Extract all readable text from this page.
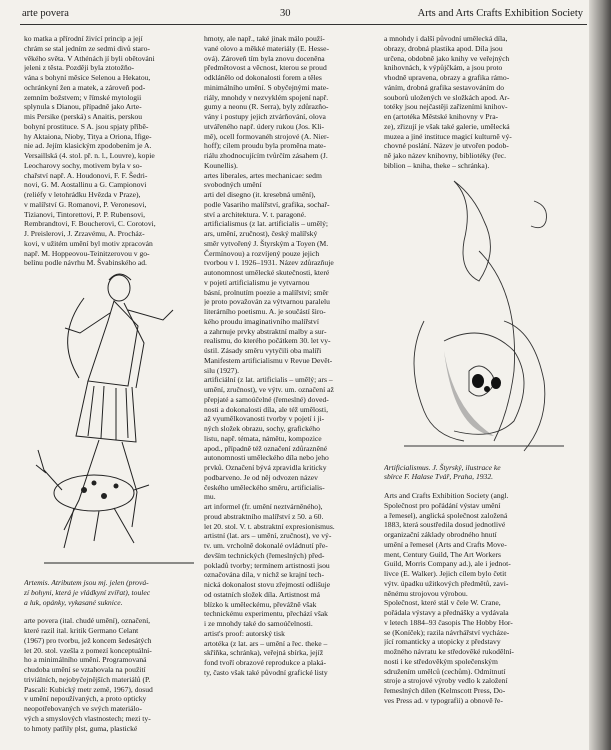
arte povera	30	Arts and Arts Crafts Exhibition Society
ko matka a přírodní živící princip a její
chrám se stal jedním ze sedmi divů staro-
věkého světa. V Athénách jí byli obětováni
jeleni z těsta. Později byla ztotožňo-
vána s bohyní měsíce Selenou a Hekatou,
ochránkyní žen a matek, a zároveň pod-
zemním božstvem; v římské mytologii
splynula s Dianou, případně jako Arte-
mis Persike (perská) s Anaitis, perskou
bohyní prostituce. S A. jsou spjaty příbě-
hy Aktaiona, Nioby, Titya a Oriona, Ifige-
nie ad. Jejím klasickým zpodobením je A.
Versaillská (4. stol. př. n. l., Louvre), kopie
Leocharovy sochy, motivem byla v so-
chařství např. A. Houdonovi, F. F. Šedri-
novi, G. M. Aostallinu a G. Campionovi
(reliéfy v letohrádku Hvězda v Praze),
v malířství G. Romanovi, P. Veronesovi,
Tizianovi, Tintorettovi, P. P. Rubensovi,
Rembrandtovi, F. Boucherovi, C. Corotovi,
J. Preislerovi, J. Zrzavému, A. Procház-
kovi, v užitém umění byl motiv zpracován
např. M. Hoppeovou-Teinitzerovou v go-
belínu podle návrhu M. Švabinského ad.
Artemis. Atributem jsou mj. jelen (prová-
zí bohyni, která je vládkyní zvířat), toulec
a luk, opánky, vykasané suknice.
arte povera (ital. chudé umění), označení,
které razil ital. kritik Germano Celant
(1967) pro tvorbu, jež koncem šedesátých
let 20. stol. vzešla z pomezí konceptuální-
ho a minimálního umění. Programovaná
chudoba umění se vztahovala na použití
triviálních, nejobyčejnějších materiálů (P.
Pascali: Kubický metr země, 1967), dosud
v umění nepoužívaných, a proto opticky
neopotřebovaných ve svých materiálo-
vých a smyslových vlastnostech; mezi ty-
to hmoty patřily plst, guma, plastické
hmoty, ale např., také jinak málo použí-
vané olovo a měkké materiály (E. Hesse-
ová). Zároveň tím byla znovu doceněna
předmětovost a věcnost, kterou se proud
odklánělo od dokonalosti forem a těles
minimálního umění. S obyčejnými mate-
riály, mnohdy v nezvyklém spojení např.
gumy a neonu (R. Serra), byly zdůrazňo-
vány i postupy jejich ztvárňování, olova
utvářeného např. údery rukou (Jos. Kli-
mě), ocell formovanéh strojové (A. Nier-
hoff); cílem proudu byla proměna mate-
riálu zhodnocujícím tvůrčím zásahem (J.
Kounellis).
artes liberales, artes mechanicae: sedm
svobodných umění
arti del disegno (it. kresebná umění),
podle Vasariho malířství, grafika, sochař-
ství a architektura. V. t. paragoné.
artificialismus (z lat. artificialis – umělý;
ars, umění, zručnost), český malířský
směr vytvořený J. Štyrským a Toyen (M.
Čermínovou) a rozvíjený pouze jejich
tvorbou v l. 1926–1931. Název zdůrazňuje
autonomnost umělecké skutečnosti, které
v pojetí artificialismu je vytvarnou
básní, prolnutím poezie a malířství; směr
je proto považován za výtvarnou paralelu
literárního poetismu. A. je součástí širo-
kého proudu imaginativního malířství
a zahrnuje prvky abstraktní malby a sur-
realismu, do kterého počátkem 30. let vy-
ústil. Zásady směru vytyčili oba malíři
Manifestem artificialismu v Revue Devět-
silu (1927).
artificiální (z lat. artificialis – umělý; ars –
umění, zručnost), ve výtv. um. označení až
přepjaté a samoúčelné (řemeslné) doved-
nosti a dokonalosti díla, ale též umělosti,
až vyumělkovanosti tvorby v pojetí i ji-
ných složek obrazu, sochy, grafického
listu, např. témata, námětu, kompozice
apod., případně též označení zdůrazněné
autonomnosti uměleckého díla nebo jeho
prvků. Označení bývá zpravidla kriticky
podbarveno. Je od něj odvozen název
českého uměleckého směru, artificialis-
mu.
art informel (fr. umění neztvárněného),
proud abstraktního malířství z 50. a 60.
let 20. stol. V. t. abstraktní expresionismus.
artistní (lat. ars – umění, zručnost), ve vý-
tv. um. vrcholně dokonalé ovládnutí pře-
devším technických (řemeslných) před-
pokladů tvorby; termínem artistnosti jsou
označována díla, v nichž se krajní tech-
nická dokonalost stovu zřejmostí odlišuje
od ostatních složek díla. Artistnost má
blízko k uměleckému, převážně však
technickému experimentu, přechází však
i ze mnohdy také do samoúčelnosti.
artist's proof: autorský tisk
artotéka (z lat. ars – umění a řec. theke –
skříňka, schránka), veřejná sbírka, jejíž
fond tvoří obrazové reprodukce a plaká-
ty, často však také původní grafické listy
a mnohdy i další původní umělecká díla,
obrazy, drobná plastika apod. Díla jsou
určena, obdobně jako knihy ve veřejných
knihovnách, k výpůjčkám, a jsou proto
vhodně upravena, obrazy a grafika rámo-
váním, drobná grafika sestavováním do
souborů uložených ve složkách apod. Ar-
totéky jsou nejčastěji zařízeními knihov-
en (artotéka Městské knihovny v Pra-
ze), zřizují je však také galerie, umělecká
muzea a jiné instituce magicí kulturně vý-
chovné poslání. Název je utvořen podob-
ně jako název knihovny, bibliotéky (řec.
biblion – kniha, theke – schránka).
Artificialismus. J. Štyrský, ilustrace ke
sbírce F. Halase Tvář, Praha, 1932.
Arts and Crafts Exhibition Society (angl.
Společnost pro pořádání výstav umění
a řemesel), anglická společnost založená
1883, která soustředila dosud jednotlivé
organizační základy obrodného hnutí
umění a řemesel (Arts and Crafts Move-
ment, Century Guild, The Art Workers
Guild, Morris Company ad.), ale i jednot-
livce (E. Walker). Jejich cílem bylo četit
výtv. úpadku užitkových předmětů, zavi-
něnému strojovou výrobou.
Společnost, které stál v čele W. Crane,
pořádala výstavy a přednášky a vydávala
v letech 1884–93 časopis The Hobby Hor-
se (Koníček); razila návrhářství vycháze-
jící romanticky a utopicky z představy
možného návratu ke středověké rukodělní-
nosti i ke středověkým společenským
sdružením umělců (cechům). Odmítnutí
stroje a strojové výroby vedlo k založení
řemeslných dílen (Kelmscott Press, Do-
ves Press ad. v typografii) a obnově ře-
